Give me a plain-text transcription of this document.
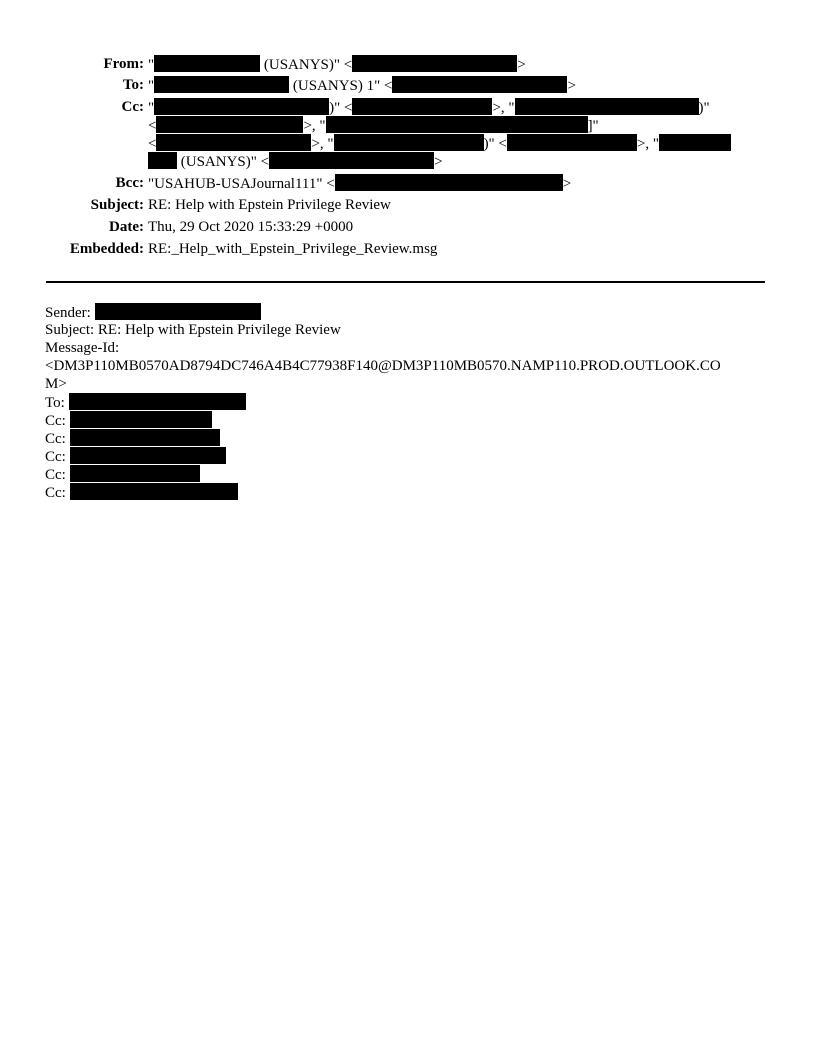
From: "	(USANYS)" <	>
To: "	(USANYS) 1" <	>
Cc: "	)" <	>, "	)"
<	>, "	]"
<	>, "	)" <	>, "
(USANYS)" <	>
Bcc: "USAHUB-USAJournal111" <	>
Subject: RE: Help with Epstein Privilege Review
Date: Thu, 29 Oct 2020 15:33:29 +0000
Embedded: RE:_Help_with_Epstein_Privilege_Review.msg
Sender:
Subject: RE: Help with Epstein Privilege Review
Message-Id:
<DM3P110MB0570AD8794DC746A4B4C77938F140@DM3P110MB0570.NAMP110.PROD.OUTLOOK.CO
M>
To:
Cc:
Cc:
Cc:
Cc:
Cc:
